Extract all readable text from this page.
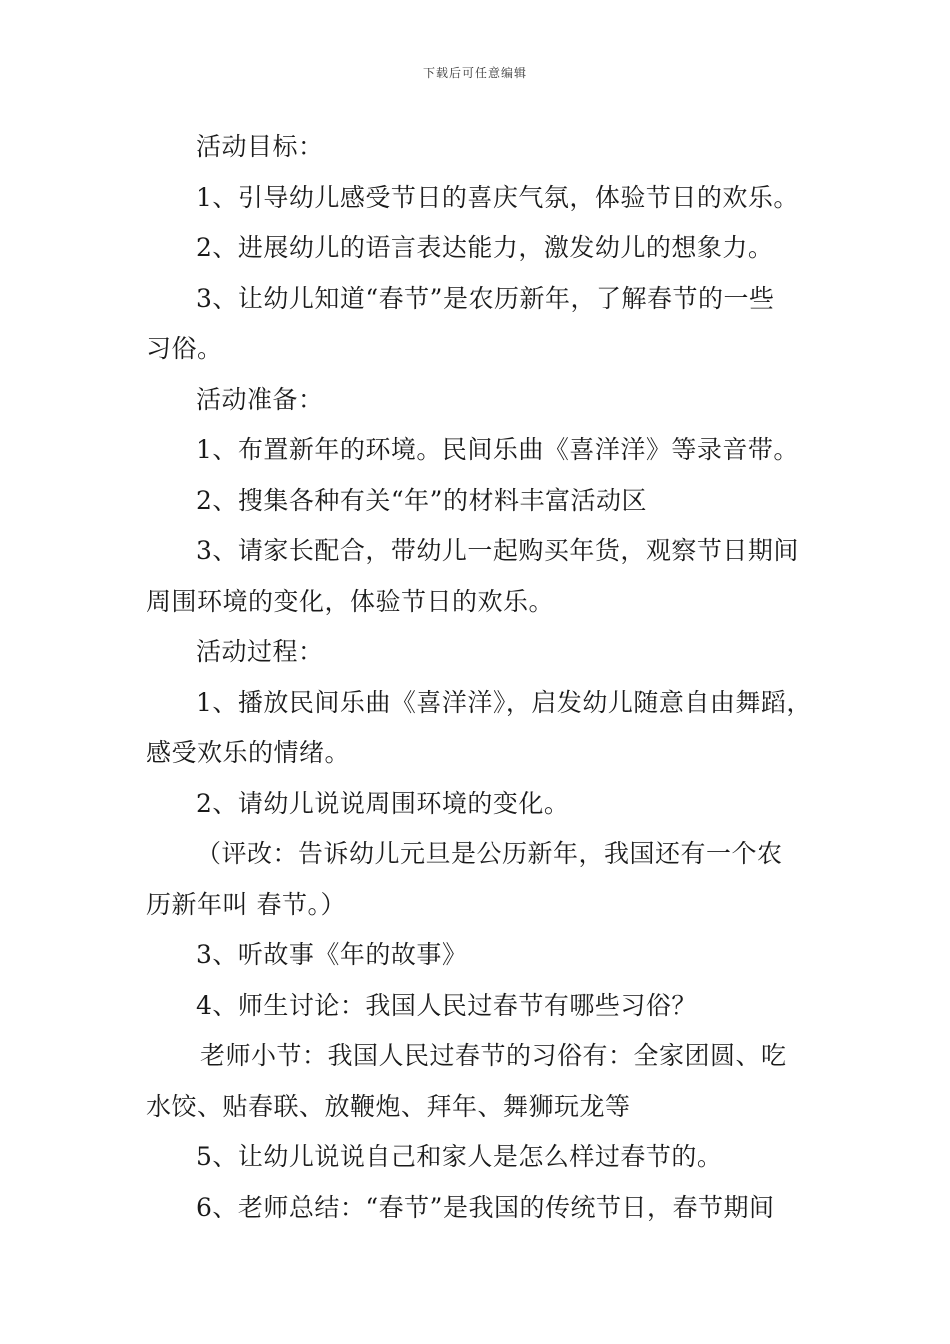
下载后可任意编辑
活动目标：
1、引导幼儿感受节日的喜庆气氛，体验节日的欢乐。
2、进展幼儿的语言表达能力，激发幼儿的想象力。
3、让幼儿知道“春节”是农历新年，了解春节的一些
习俗。
活动准备：
1、布置新年的环境。民间乐曲《喜洋洋》等录音带。
2、搜集各种有关“年”的材料丰富活动区
3、请家长配合，带幼儿一起购买年货，观察节日期间
周围环境的变化，体验节日的欢乐。
活动过程：
1、播放民间乐曲《喜洋洋》，启发幼儿随意自由舞蹈，
感受欢乐的情绪。
2、请幼儿说说周围环境的变化。
（评改：告诉幼儿元旦是公历新年，我国还有一个农
历新年叫 春节。）
3、听故事《年的故事》
4、师生讨论：我国人民过春节有哪些习俗？
老师小节：我国人民过春节的习俗有：全家团圆、吃
水饺、贴春联、放鞭炮、拜年、舞狮玩龙等
5、让幼儿说说自己和家人是怎么样过春节的。
6、老师总结：“春节”是我国的传统节日，春节期间
